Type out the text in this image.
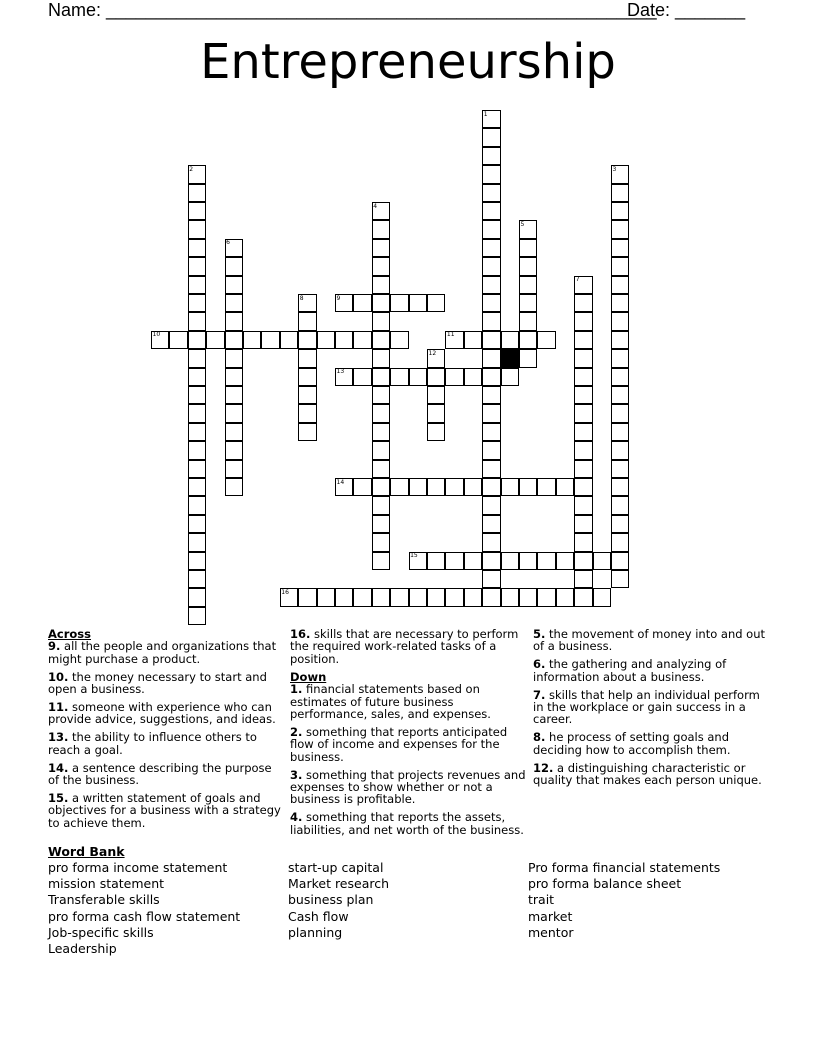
Name: _______________________________________________________
Date: _______
Entrepreneurship
1
2	3
4
5
6
7
8
12
9
10	11
13
14
15
16
Across
9. all the people and organizations that might purchase a product.
10. the money necessary to start and open a business.
11. someone with experience who can provide advice, suggestions, and ideas.
13. the ability to influence others to reach a goal.
14. a sentence describing the purpose of the business.
15. a written statement of goals and objectives for a business with a strategy to achieve them.
16. skills that are necessary to perform the required work-related tasks of a position.
Down
1. financial statements based on estimates of future business performance, sales, and expenses.
2. something that reports anticipated flow of income and expenses for the business.
3. something that projects revenues and expenses to show whether or not a business is profitable.
4. something that reports the assets, liabilities, and net worth of the business.
5. the movement of money into and out of a business.
6. the gathering and analyzing of information about a business.
7. skills that help an individual perform in the workplace or gain success in a career.
8. he process of setting goals and deciding how to accomplish them.
12. a distinguishing characteristic or quality that makes each person unique.
Word Bank
pro forma income statement
mission statement
Transferable skills
pro forma cash flow statement
Job-specific skills
Leadership
start-up capital
Market research
business plan
Cash flow
planning
Pro forma financial statements
pro forma balance sheet
trait
market
mentor
